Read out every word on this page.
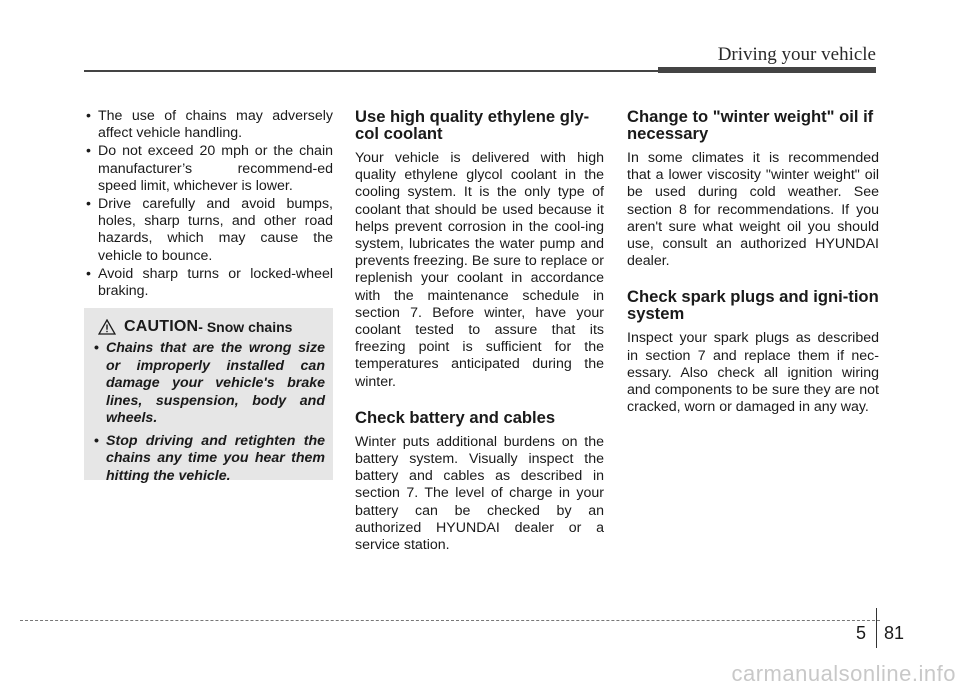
Driving your vehicle
• The use of chains may adversely affect vehicle handling.
• Do not exceed 20 mph or the chain manufacturer’s recommend-ed speed limit, whichever is lower.
• Drive carefully and avoid bumps, holes, sharp turns, and other road hazards, which may cause the vehicle to bounce.
• Avoid sharp turns or locked-wheel braking.
CAUTION - Snow chains
• Chains that are the wrong size or improperly installed can damage your vehicle's brake lines, suspension, body and wheels.
• Stop driving and retighten the chains any time you hear them hitting the vehicle.
Use high quality ethylene gly-col coolant

Your vehicle is delivered with high quality ethylene glycol coolant in the cooling system. It is the only type of coolant that should be used because it helps prevent corrosion in the cool-ing system, lubricates the water pump and prevents freezing. Be sure to replace or replenish your coolant in accordance with the maintenance schedule in section 7. Before winter, have your coolant tested to assure that its freezing point is sufficient for the temperatures anticipated during the winter.

Check battery and cables

Winter puts additional burdens on the battery system. Visually inspect the battery and cables as described in section 7. The level of charge in your battery can be checked by an authorized HYUNDAI dealer or a service station.

Change to "winter weight" oil if necessary

In some climates it is recommended that a lower viscosity "winter weight" oil be used during cold weather. See section 8 for recommendations. If you aren't sure what weight oil you should use, consult an authorized HYUNDAI dealer.

Check spark plugs and igni-tion system

Inspect your spark plugs as described in section 7 and replace them if nec-essary. Also check all ignition wiring and components to be sure they are not cracked, worn or damaged in any way.

5 81
carmanualsonline.info
